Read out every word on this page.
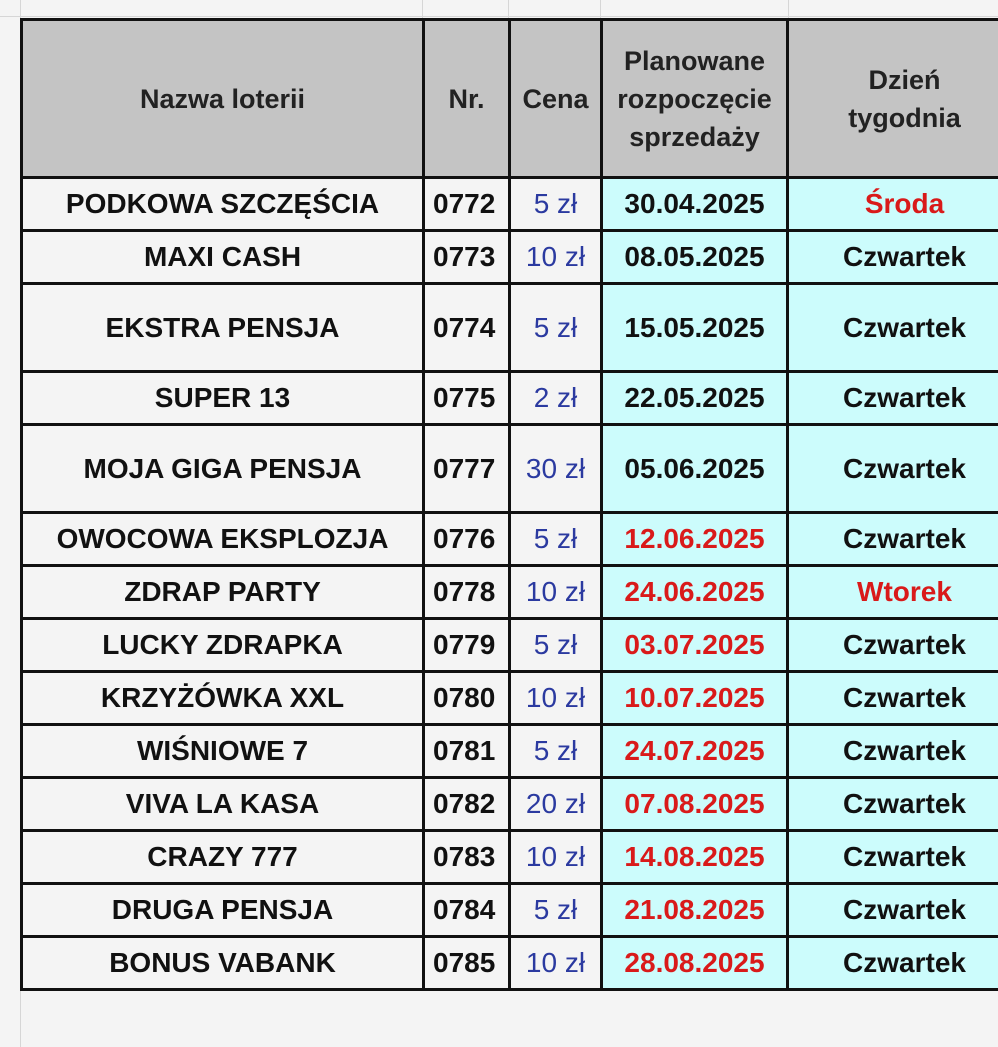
Nazwa loterii	Nr.	Cena	Planowane rozpoczęcie sprzedaży	Dzień tygodnia
PODKOWA SZCZĘŚCIA	0772	5 zł	30.04.2025	Środa
MAXI CASH	0773	10 zł	08.05.2025	Czwartek
EKSTRA PENSJA	0774	5 zł	15.05.2025	Czwartek
SUPER 13	0775	2 zł	22.05.2025	Czwartek
MOJA GIGA PENSJA	0777	30 zł	05.06.2025	Czwartek
OWOCOWA EKSPLOZJA	0776	5 zł	12.06.2025	Czwartek
ZDRAP PARTY	0778	10 zł	24.06.2025	Wtorek
LUCKY ZDRAPKA	0779	5 zł	03.07.2025	Czwartek
KRZYŻÓWKA XXL	0780	10 zł	10.07.2025	Czwartek
WIŚNIOWE 7	0781	5 zł	24.07.2025	Czwartek
VIVA LA KASA	0782	20 zł	07.08.2025	Czwartek
CRAZY 777	0783	10 zł	14.08.2025	Czwartek
DRUGA PENSJA	0784	5 zł	21.08.2025	Czwartek
BONUS VABANK	0785	10 zł	28.08.2025	Czwartek
